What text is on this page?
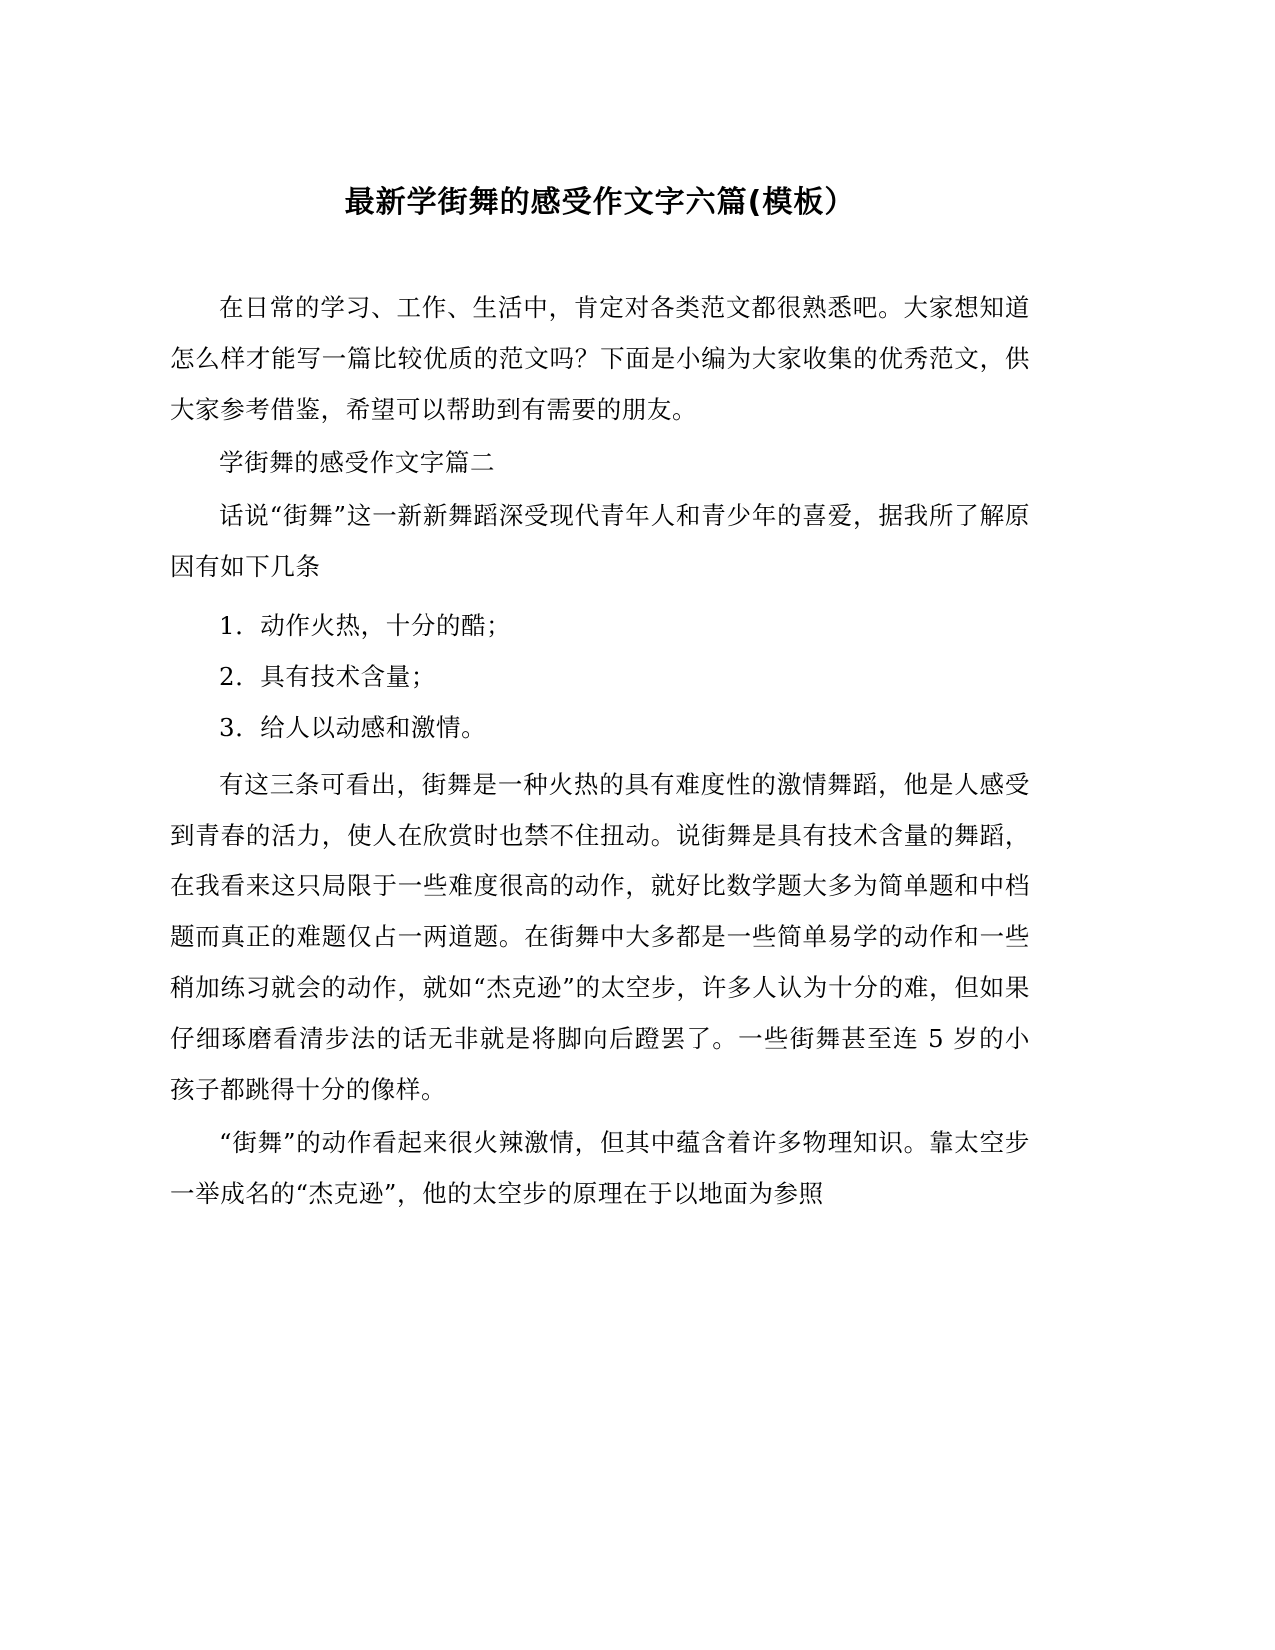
最新学街舞的感受作文字六篇(模板）

在日常的学习、工作、生活中，肯定对各类范文都很熟悉吧。大家想知道怎么样才能写一篇比较优质的范文吗？下面是小编为大家收集的优秀范文，供大家参考借鉴，希望可以帮助到有需要的朋友。

学街舞的感受作文字篇二

话说“街舞”这一新新舞蹈深受现代青年人和青少年的喜爱，据我所了解原因有如下几条

1．动作火热，十分的酷；

2．具有技术含量；

3．给人以动感和激情。

有这三条可看出，街舞是一种火热的具有难度性的激情舞蹈，他是人感受到青春的活力，使人在欣赏时也禁不住扭动。说街舞是具有技术含量的舞蹈，在我看来这只局限于一些难度很高的动作，就好比数学题大多为简单题和中档题而真正的难题仅占一两道题。在街舞中大多都是一些简单易学的动作和一些稍加练习就会的动作，就如“杰克逊”的太空步，许多人认为十分的难，但如果仔细琢磨看清步法的话无非就是将脚向后蹬罢了。一些街舞甚至连 5 岁的小孩子都跳得十分的像样。

“街舞”的动作看起来很火辣激情，但其中蕴含着许多物理知识。靠太空步一举成名的“杰克逊”，他的太空步的原理在于以地面为参照
